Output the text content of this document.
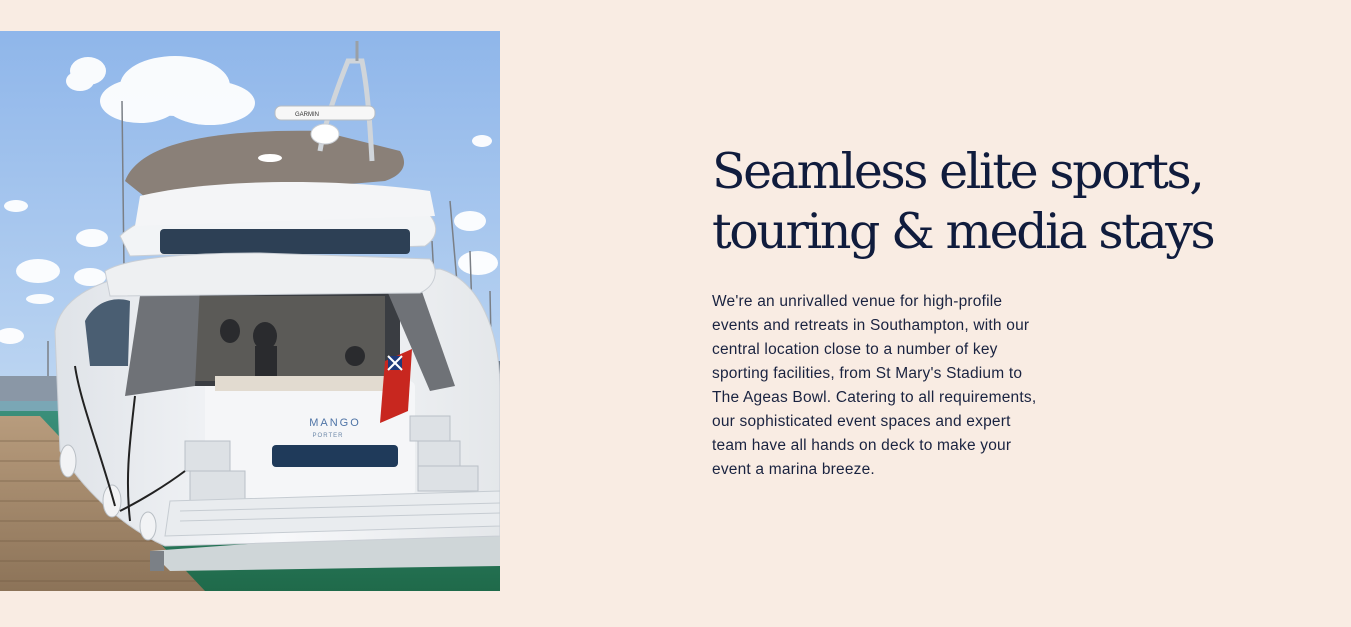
MANGO
PORTER
GARMIN
Seamless elite sports,
touring & media stays

We're an unrivalled venue for high-profile events and retreats in Southampton, with our central location close to a number of key sporting facilities, from St Mary's Stadium to The Ageas Bowl. Catering to all requirements, our sophisticated event spaces and expert team have all hands on deck to make your event a marina breeze.
